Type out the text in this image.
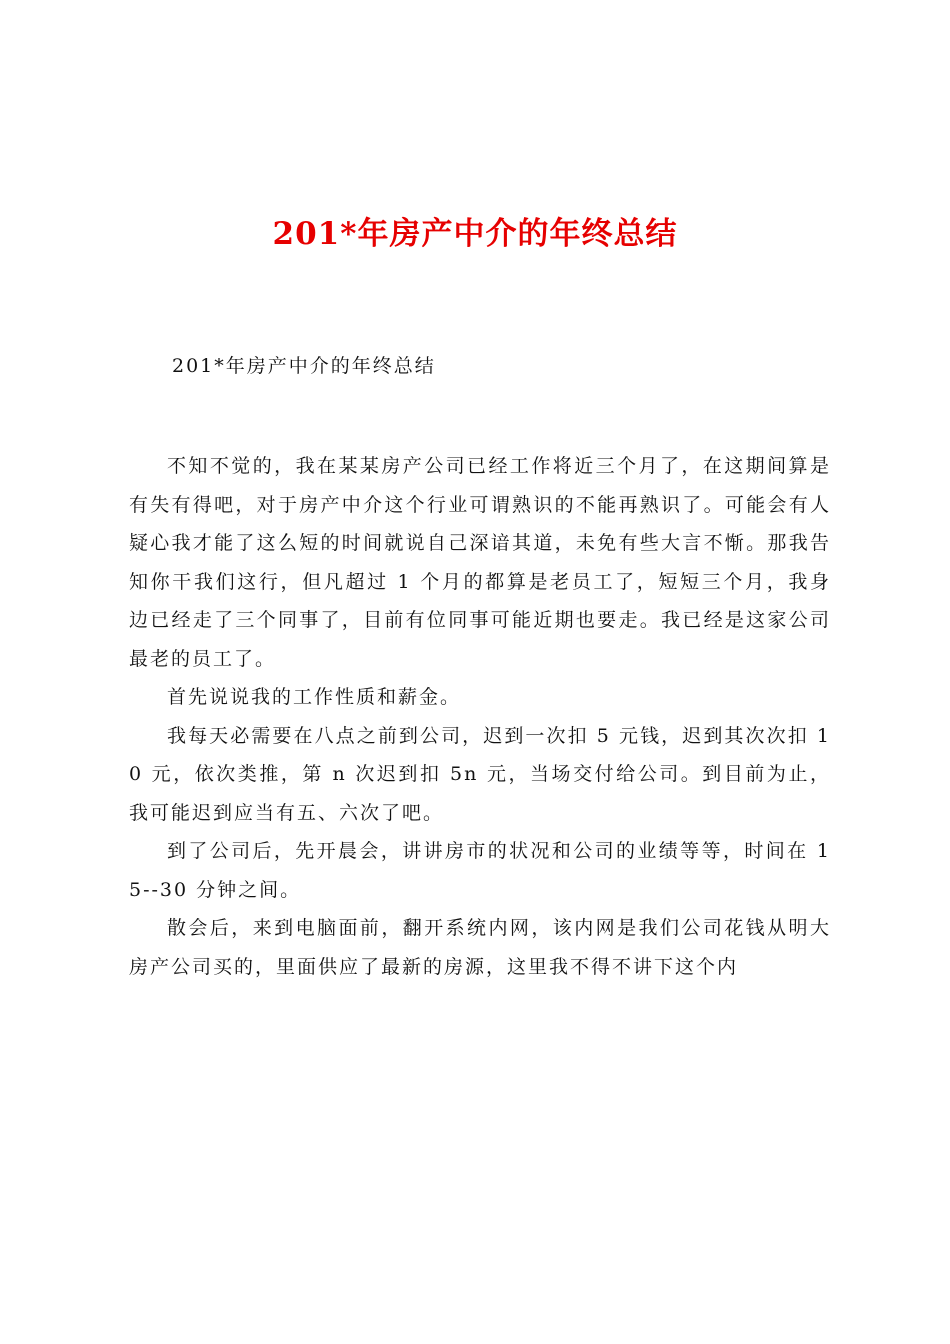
201*年房产中介的年终总结
201*年房产中介的年终总结

不知不觉的，我在某某房产公司已经工作将近三个月了，在这期间算是有失有得吧，对于房产中介这个行业可谓熟识的不能再熟识了。可能会有人疑心我才能了这么短的时间就说自己深谙其道，未免有些大言不惭。那我告知你干我们这行，但凡超过 1 个月的都算是老员工了，短短三个月，我身边已经走了三个同事了，目前有位同事可能近期也要走。我已经是这家公司最老的员工了。

首先说说我的工作性质和薪金。

我每天必需要在八点之前到公司，迟到一次扣 5 元钱，迟到其次次扣 10 元，依次类推，第 n 次迟到扣 5n 元，当场交付给公司。到目前为止，我可能迟到应当有五、六次了吧。

到了公司后，先开晨会，讲讲房市的状况和公司的业绩等等，时间在 15--30 分钟之间。

散会后，来到电脑面前，翻开系统内网，该内网是我们公司花钱从明大房产公司买的，里面供应了最新的房源，这里我不得不讲下这个内
